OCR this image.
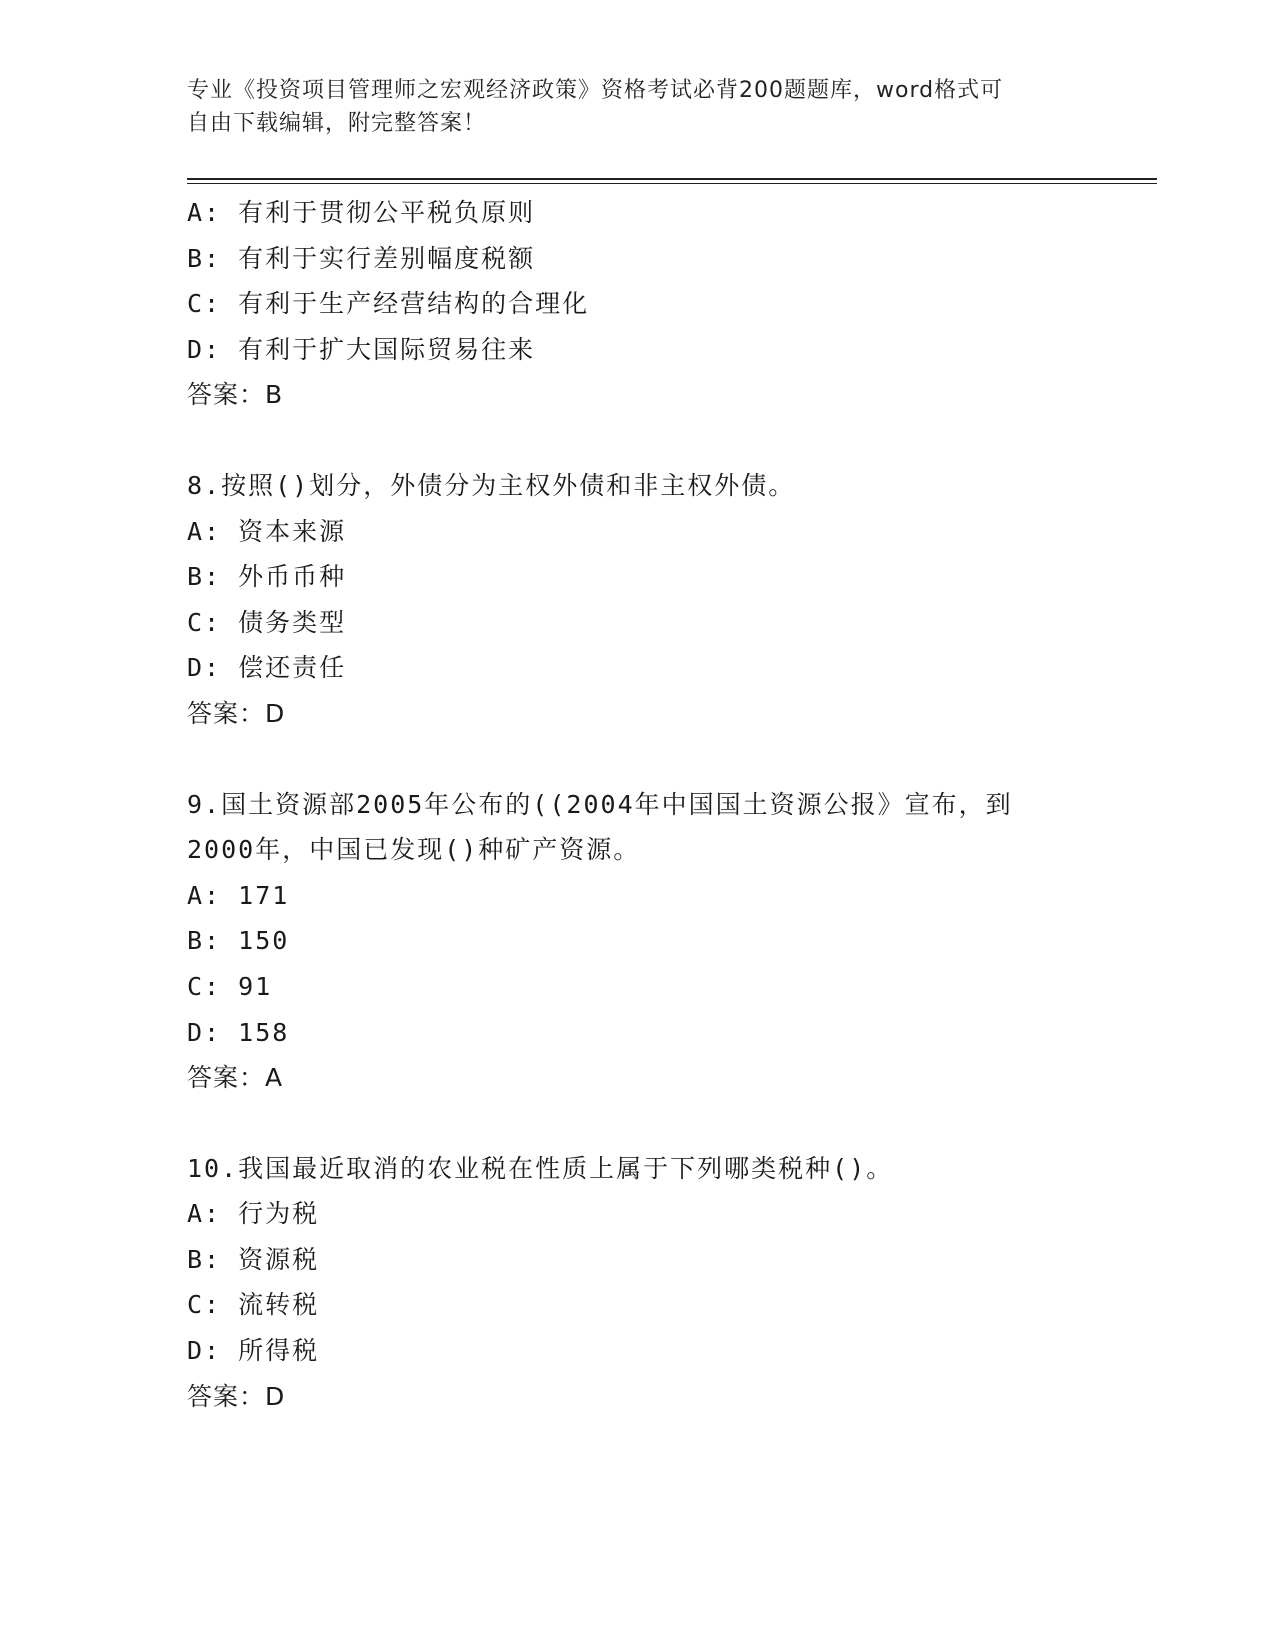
专业《投资项目管理师之宏观经济政策》资格考试必背200题题库，word格式可
自由下载编辑，附完整答案！
A: 有利于贯彻公平税负原则
B: 有利于实行差别幅度税额
C: 有利于生产经营结构的合理化
D: 有利于扩大国际贸易往来
答案：B
8.按照()划分，外债分为主权外债和非主权外债。
A: 资本来源
B: 外币币种
C: 债务类型
D: 偿还责任
答案：D
9.国土资源部2005年公布的((2004年中国国土资源公报》宣布，到
2000年，中国已发现()种矿产资源。
A: 171
B: 150
C: 91
D: 158
答案：A
10.我国最近取消的农业税在性质上属于下列哪类税种()。
A: 行为税
B: 资源税
C: 流转税
D: 所得税
答案：D
